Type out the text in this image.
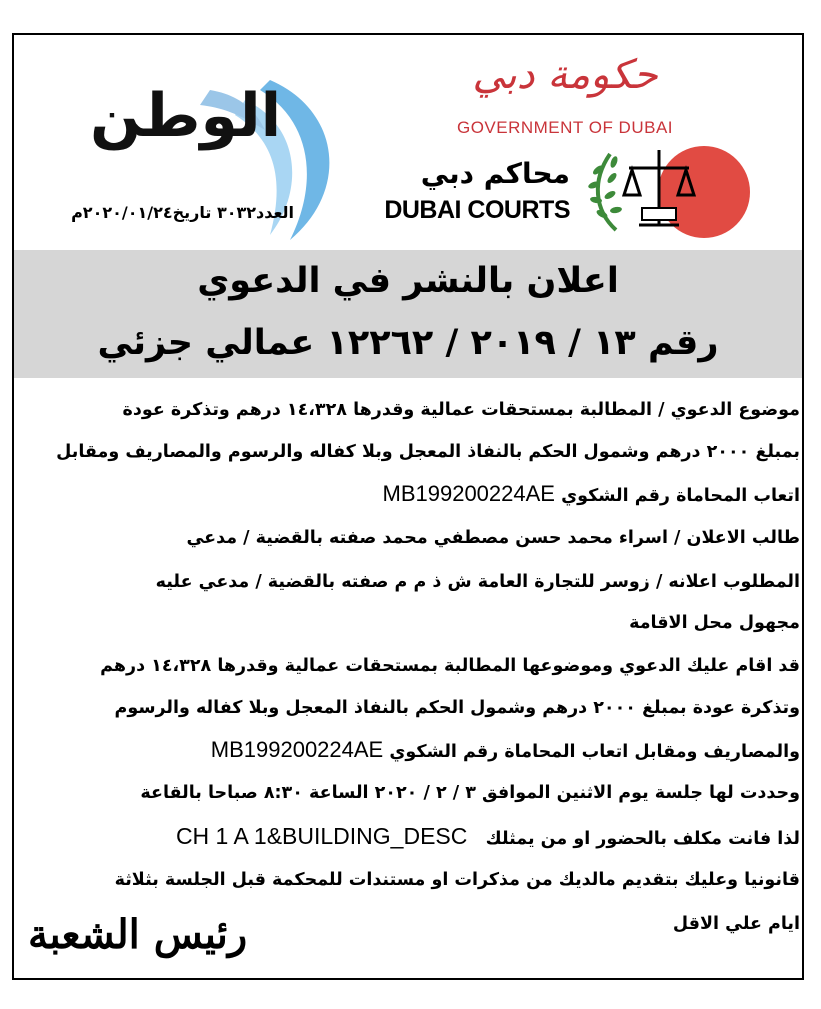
الوطن
العدد٣٠٣٢ تاريخ٢٠٢٠/٠١/٢٤م
حكومة دبي
GOVERNMENT OF DUBAI
محاكم دبي
DUBAI COURTS
اعلان بالنشر في الدعوي
رقم ١٣ / ٢٠١٩ / ١٢٢٦٢ عمالي جزئي
موضوع الدعوي / المطالبة بمستحقات عمالية وقدرها ١٤،٣٢٨ درهم وتذكرة عودة
بمبلغ ٢٠٠٠ درهم وشمول الحكم بالنفاذ المعجل وبلا كفاله والرسوم والمصاريف ومقابل
اتعاب المحاماة رقم الشكوي MB199200224AE
طالب الاعلان / اسراء محمد حسن مصطفي محمد صفته بالقضية / مدعي
المطلوب اعلانه / زوسر للتجارة العامة ش ذ م م صفته بالقضية / مدعي عليه
مجهول محل الاقامة
قد اقام عليك الدعوي وموضوعها المطالبة بمستحقات عمالية وقدرها ١٤،٣٢٨ درهم
وتذكرة عودة بمبلغ ٢٠٠٠ درهم وشمول الحكم بالنفاذ المعجل وبلا كفاله والرسوم
والمصاريف ومقابل اتعاب المحاماة رقم الشكوي MB199200224AE
وحددت لها جلسة يوم الاثنين الموافق ٣ / ٢ / ٢٠٢٠ الساعة ٨:٣٠ صباحا بالقاعة
لذا فانت مكلف بالحضور او من يمثلك   CH 1 A 1&BUILDING_DESC
قانونيا وعليك بتقديم مالديك من مذكرات او مستندات للمحكمة قبل الجلسة بثلاثة
ايام علي الاقل
رئيس الشعبة
